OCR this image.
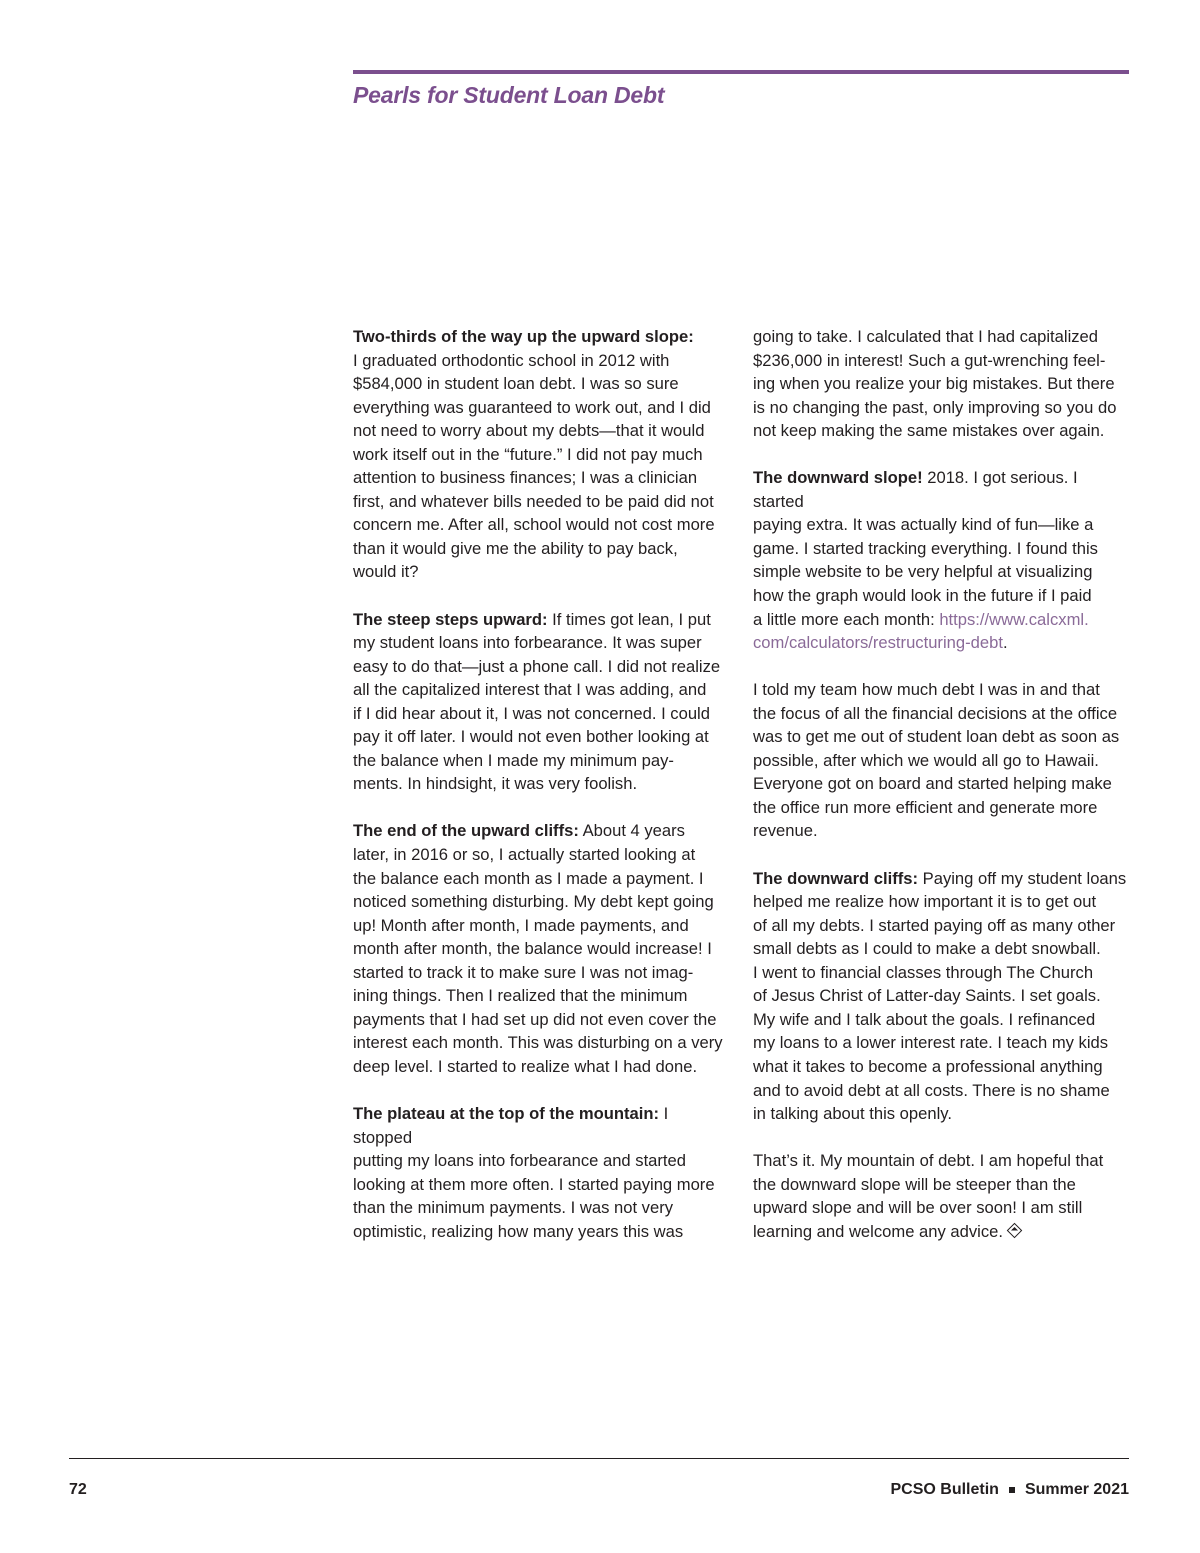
Pearls for Student Loan Debt

Two-thirds of the way up the upward slope:
I graduated orthodontic school in 2012 with
$584,000 in student loan debt. I was so sure
everything was guaranteed to work out, and I did
not need to worry about my debts—that it would
work itself out in the “future.” I did not pay much
attention to business finances; I was a clinician
first, and whatever bills needed to be paid did not
concern me. After all, school would not cost more
than it would give me the ability to pay back,
would it?

The steep steps upward: If times got lean, I put
my student loans into forbearance. It was super
easy to do that—just a phone call. I did not realize
all the capitalized interest that I was adding, and
if I did hear about it, I was not concerned. I could
pay it off later. I would not even bother looking at
the balance when I made my minimum pay-
ments. In hindsight, it was very foolish.

The end of the upward cliffs: About 4 years
later, in 2016 or so, I actually started looking at
the balance each month as I made a payment. I
noticed something disturbing. My debt kept going
up! Month after month, I made payments, and
month after month, the balance would increase! I
started to track it to make sure I was not imag-
ining things. Then I realized that the minimum
payments that I had set up did not even cover the
interest each month. This was disturbing on a very
deep level. I started to realize what I had done.

The plateau at the top of the mountain: I stopped
putting my loans into forbearance and started
looking at them more often. I started paying more
than the minimum payments. I was not very
optimistic, realizing how many years this was

going to take. I calculated that I had capitalized
$236,000 in interest! Such a gut-wrenching feel-
ing when you realize your big mistakes. But there
is no changing the past, only improving so you do
not keep making the same mistakes over again.

The downward slope! 2018. I got serious. I started
paying extra. It was actually kind of fun—like a
game. I started tracking everything. I found this
simple website to be very helpful at visualizing
how the graph would look in the future if I paid
a little more each month: https://www.calcxml.
com/calculators/restructuring-debt.

I told my team how much debt I was in and that
the focus of all the financial decisions at the office
was to get me out of student loan debt as soon as
possible, after which we would all go to Hawaii.
Everyone got on board and started helping make
the office run more efficient and generate more
revenue.

The downward cliffs: Paying off my student loans
helped me realize how important it is to get out
of all my debts. I started paying off as many other
small debts as I could to make a debt snowball.
I went to financial classes through The Church
of Jesus Christ of Latter-day Saints. I set goals.
My wife and I talk about the goals. I refinanced
my loans to a lower interest rate. I teach my kids
what it takes to become a professional anything
and to avoid debt at all costs. There is no shame
in talking about this openly.

That’s it. My mountain of debt. I am hopeful that
the downward slope will be steeper than the
upward slope and will be over soon! I am still
learning and welcome any advice.

72	PCSO Bulletin Summer 2021
